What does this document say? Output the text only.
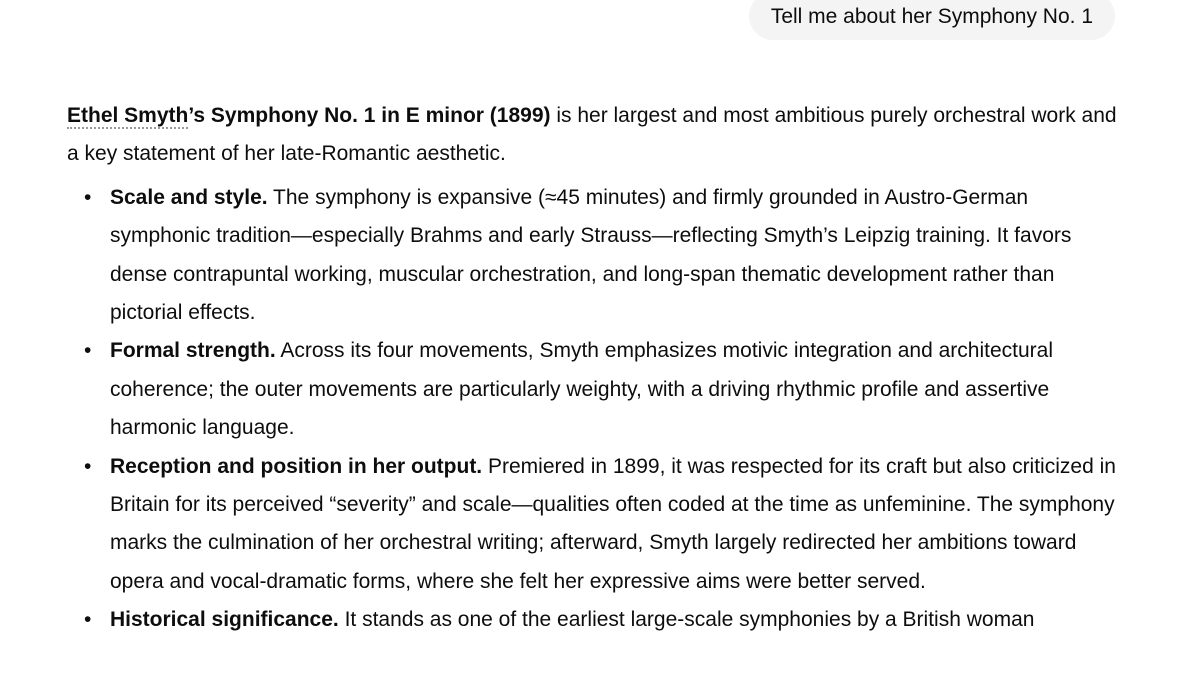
Tell me about her Symphony No. 1

Ethel Smyth’s Symphony No. 1 in E minor (1899) is her largest and most ambitious purely orchestral work and a key statement of her late-Romantic aesthetic.

• Scale and style. The symphony is expansive (≈45 minutes) and firmly grounded in Austro-German symphonic tradition—especially Brahms and early Strauss—reflecting Smyth’s Leipzig training. It favors dense contrapuntal working, muscular orchestration, and long-span thematic development rather than pictorial effects.
• Formal strength. Across its four movements, Smyth emphasizes motivic integration and architectural coherence; the outer movements are particularly weighty, with a driving rhythmic profile and assertive harmonic language.
• Reception and position in her output. Premiered in 1899, it was respected for its craft but also criticized in Britain for its perceived “severity” and scale—qualities often coded at the time as unfeminine. The symphony marks the culmination of her orchestral writing; afterward, Smyth largely redirected her ambitions toward opera and vocal-dramatic forms, where she felt her expressive aims were better served.
• Historical significance. It stands as one of the earliest large-scale symphonies by a British woman
